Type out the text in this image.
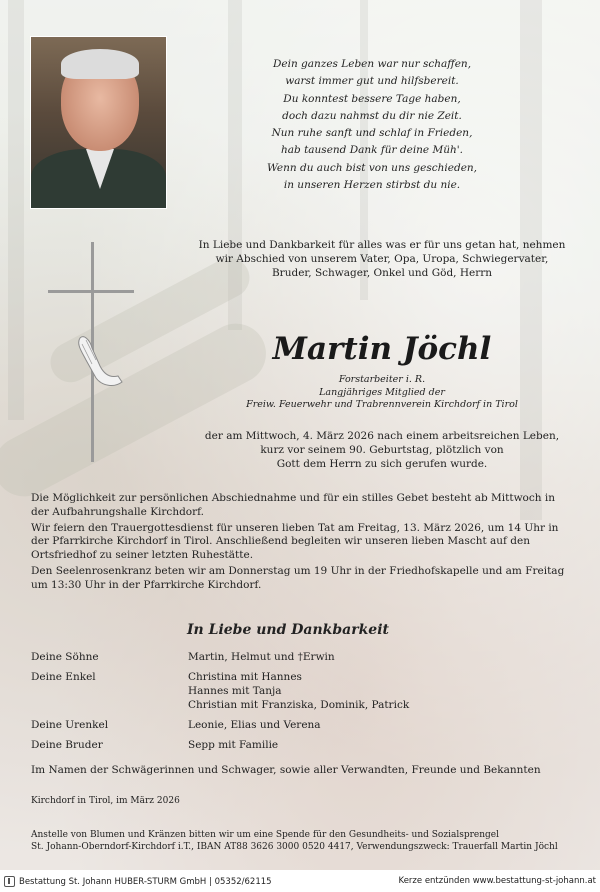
Dein ganzes Leben war nur schaffen,
warst immer gut und hilfsbereit.
Du konntest bessere Tage haben,
doch dazu nahmst du dir nie Zeit.
Nun ruhe sanft und schlaf in Frieden,
hab tausend Dank für deine Müh'.
Wenn du auch bist von uns geschieden,
in unseren Herzen stirbst du nie.
In Liebe und Dankbarkeit für alles was er für uns getan hat, nehmen
wir Abschied von unserem Vater, Opa, Uropa, Schwiegervater,
Bruder, Schwager, Onkel und Göd, Herrn
Martin Jöchl
Forstarbeiter i. R.
Langjähriges Mitglied der
Freiw. Feuerwehr und Trabrennverein Kirchdorf in Tirol
der am Mittwoch, 4. März 2026 nach einem arbeitsreichen Leben,
kurz vor seinem 90. Geburtstag, plötzlich von
Gott dem Herrn zu sich gerufen wurde.

Die Möglichkeit zur persönlichen Abschiednahme und für ein stilles Gebet besteht ab Mittwoch in der Aufbahrungshalle Kirchdorf.

Wir feiern den Trauergottesdienst für unseren lieben Tat am Freitag, 13. März 2026, um 14 Uhr in der Pfarrkirche Kirchdorf in Tirol. Anschließend begleiten wir unseren lieben Mascht auf den Ortsfriedhof zu seiner letzten Ruhestätte.

Den Seelenrosenkranz beten wir am Donnerstag um 19 Uhr in der Friedhofskapelle und am Freitag um 13:30 Uhr in der Pfarrkirche Kirchdorf.

In Liebe und Dankbarkeit
Deine Söhne	Martin, Helmut und †Erwin
Deine Enkel	Christina mit Hannes
Hannes mit Tanja
Christian mit Franziska, Dominik, Patrick
Deine Urenkel	Leonie, Elias und Verena
Deine Bruder	Sepp mit Familie
Im Namen der Schwägerinnen und Schwager, sowie aller Verwandten, Freunde und Bekannten
Kirchdorf in Tirol, im März 2026
Anstelle von Blumen und Kränzen bitten wir um eine Spende für den Gesundheits- und Sozialsprengel
St. Johann-Oberndorf-Kirchdorf i.T., IBAN AT88 3626 3000 0520 4417, Verwendungszweck: Trauerfall Martin Jöchl
Bestattung St. Johann HUBER-STURM GmbH | 05352/62115	Kerze entzünden www.bestattung-st-johann.at
